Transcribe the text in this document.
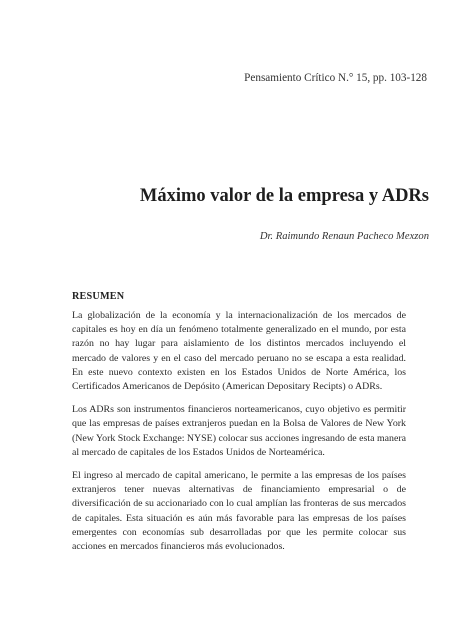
Pensamiento Crítico N.° 15, pp. 103-128
Máximo valor de la empresa y ADRs
Dr. Raimundo Renaun Pacheco Mexzon
RESUMEN

La globalización de la economía y la internacionalización de los mercados de capitales es hoy en día un fenómeno totalmente generalizado en el mundo, por esta razón no hay lugar para aislamiento de los distintos mercados incluyendo el mercado de valores y en el caso del mercado peruano no se escapa a esta realidad. En este nuevo contexto existen en los Estados Unidos de Norte América, los Certificados Americanos de Depósito (American Depositary Recipts) o ADRs.

Los ADRs son instrumentos financieros norteamericanos, cuyo objetivo es permitir que las empresas de países extranjeros puedan en la Bolsa de Valores de New York (New York Stock Exchange: NYSE) colocar sus acciones ingresando de esta manera al mercado de capitales de los Estados Unidos de Norteamérica.

El ingreso al mercado de capital americano, le permite a las empresas de los países extranjeros tener nuevas alternativas de financiamiento empresarial o de diversificación de su accionariado con lo cual amplían las fronteras de sus mercados de capitales. Esta situación es aún más favorable para las empresas de los países emergentes con economías sub desarrolladas por que les permite colocar sus acciones en mercados financieros más evolucionados.
